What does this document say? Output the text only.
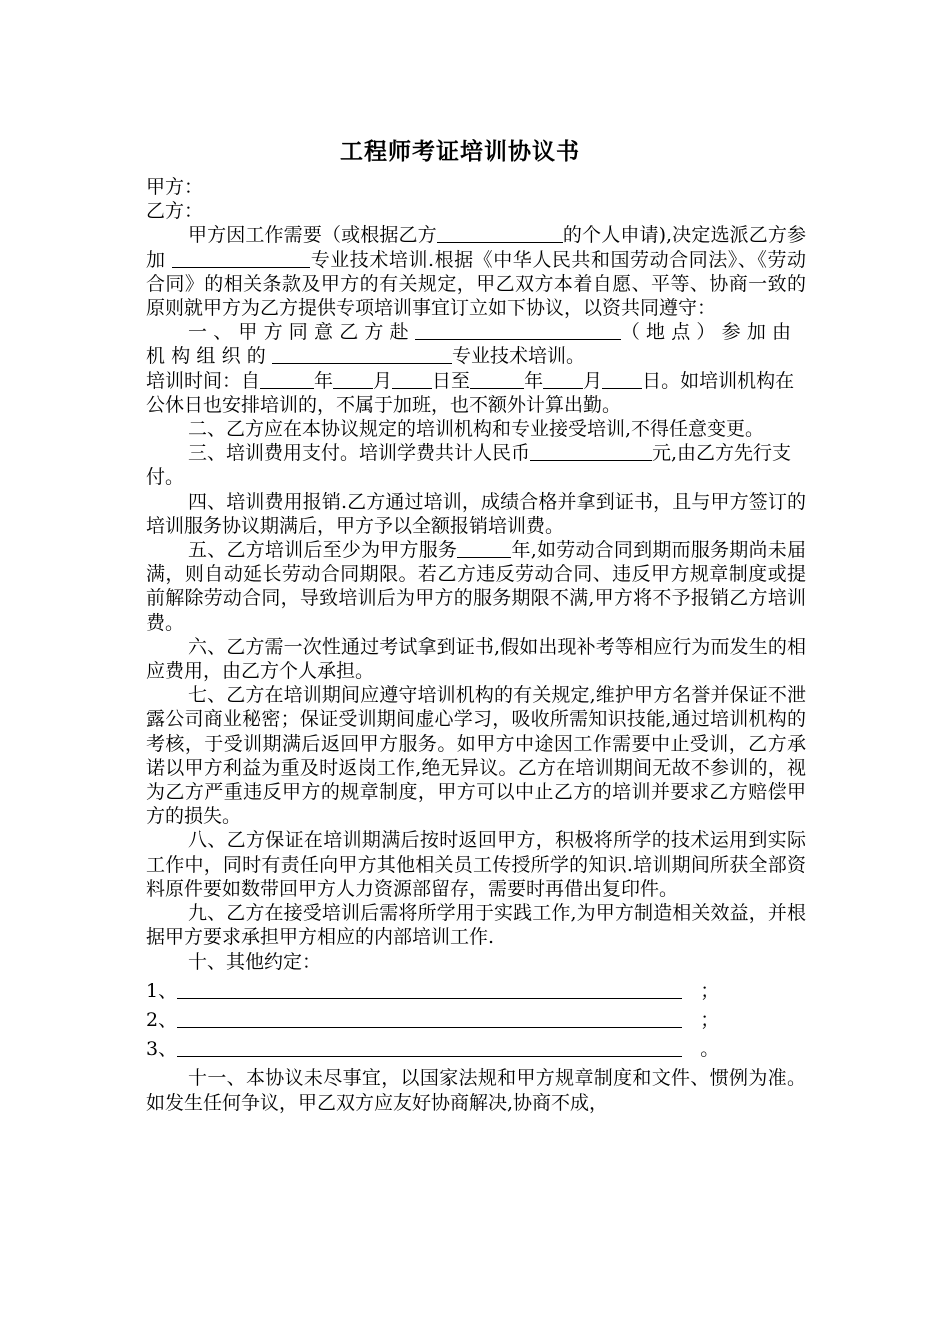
工程师考证培训协议书

甲方：

乙方：

甲方因工作需要（或根据乙方	的个人申请),决定选派乙方参加	专业技术培训.根据《中华人民共和国劳动合同法》、《劳动合同》的相关条款及甲方的有关规定，甲乙双方本着自愿、平等、协商一致的原则就甲方为乙方提供专项培训事宜订立如下协议，以资共同遵守：

一、甲方同意乙方赴	（地点）参加由机构组织的	专业技术培训。

培训时间：自	年 月 日至	年 月 日。如培训机构在公休日也安排培训的，不属于加班，也不额外计算出勤。

二、乙方应在本协议规定的培训机构和专业接受培训,不得任意变更。

三、培训费用支付。培训学费共计人民币	元,由乙方先行支付。

四、培训费用报销.乙方通过培训，成绩合格并拿到证书，且与甲方签订的培训服务协议期满后，甲方予以全额报销培训费。

五、乙方培训后至少为甲方服务	年,如劳动合同到期而服务期尚未届满，则自动延长劳动合同期限。若乙方违反劳动合同、违反甲方规章制度或提前解除劳动合同，导致培训后为甲方的服务期限不满,甲方将不予报销乙方培训费。

六、乙方需一次性通过考试拿到证书,假如出现补考等相应行为而发生的相应费用，由乙方个人承担。

七、乙方在培训期间应遵守培训机构的有关规定,维护甲方名誉并保证不泄露公司商业秘密；保证受训期间虚心学习，吸收所需知识技能,通过培训机构的考核，于受训期满后返回甲方服务。如甲方中途因工作需要中止受训，乙方承诺以甲方利益为重及时返岗工作,绝无异议。乙方在培训期间无故不参训的，视为乙方严重违反甲方的规章制度，甲方可以中止乙方的培训并要求乙方赔偿甲方的损失。

八、乙方保证在培训期满后按时返回甲方，积极将所学的技术运用到实际工作中，同时有责任向甲方其他相关员工传授所学的知识.培训期间所获全部资料原件要如数带回甲方人力资源部留存，需要时再借出复印件。

九、乙方在接受培训后需将所学用于实践工作,为甲方制造相关效益，并根据甲方要求承担甲方相应的内部培训工作.

十、其他约定：

1、	；

2、	；

3、	。

十一、本协议未尽事宜，以国家法规和甲方规章制度和文件、惯例为准。如发生任何争议，甲乙双方应友好协商解决,协商不成，
